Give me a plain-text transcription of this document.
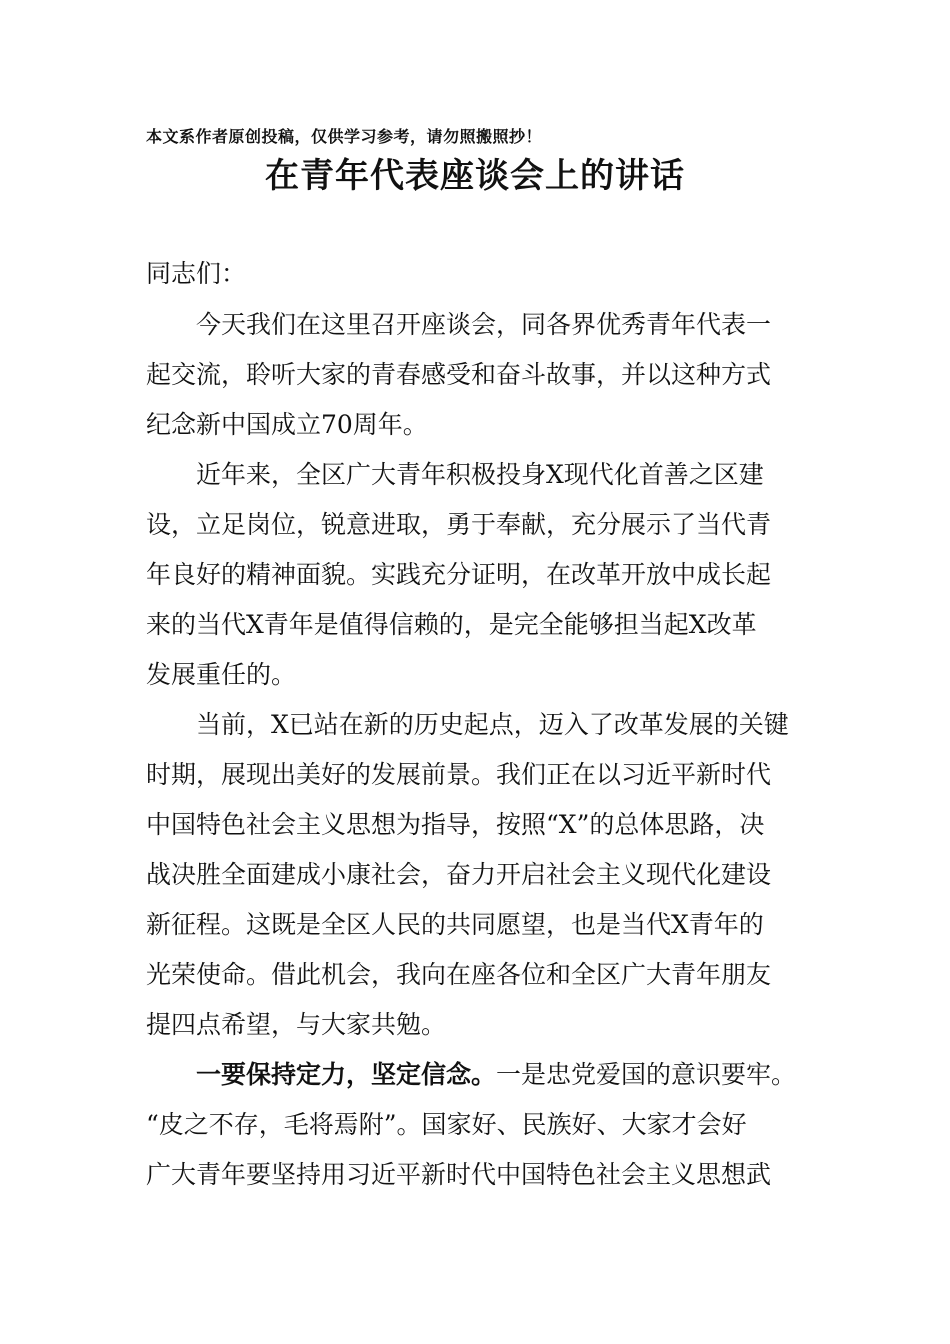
本文系作者原创投稿，仅供学习参考，请勿照搬照抄！
在青年代表座谈会上的讲话
同志们：
今天我们在这里召开座谈会，同各界优秀青年代表一
起交流，聆听大家的青春感受和奋斗故事，并以这种方式
纪念新中国成立70周年。
近年来，全区广大青年积极投身X现代化首善之区建
设，立足岗位，锐意进取，勇于奉献，充分展示了当代青
年良好的精神面貌。实践充分证明，在改革开放中成长起
来的当代X青年是值得信赖的，是完全能够担当起X改革
发展重任的。
当前，X已站在新的历史起点，迈入了改革发展的关键
时期，展现出美好的发展前景。我们正在以习近平新时代
中国特色社会主义思想为指导，按照“X”的总体思路，决
战决胜全面建成小康社会，奋力开启社会主义现代化建设
新征程。这既是全区人民的共同愿望，也是当代X青年的
光荣使命。借此机会，我向在座各位和全区广大青年朋友
提四点希望，与大家共勉。
一要保持定力，坚定信念。一是忠党爱国的意识要牢。
“皮之不存，毛将焉附”。国家好、民族好、大家才会好
广大青年要坚持用习近平新时代中国特色社会主义思想武
